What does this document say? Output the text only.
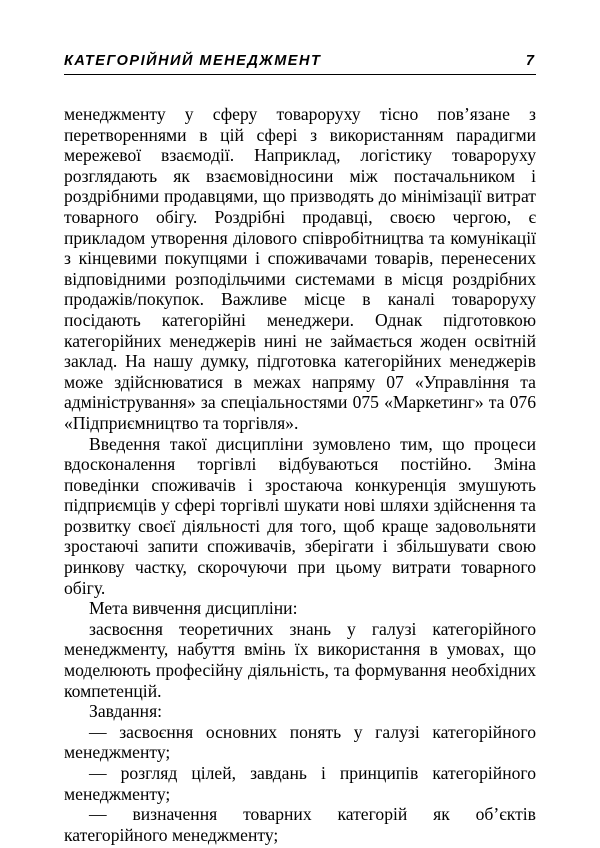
КАТЕГОРІЙНИЙ МЕНЕДЖМЕНТ	7

менеджменту у сферу товароруху тісно пов’язане з перетвореннями в цій сфері з використанням парадигми мережевої взаємодії. Наприклад, логістику товароруху розглядають як взаємовідносини між постачальником і роздрібними продавцями, що призводять до мінімізації витрат товарного обігу. Роздрібні продавці, своєю чергою, є прикладом утворення ділового співробітництва та комунікації з кінцевими покупцями і споживачами товарів, перенесених відповідними розподільчими системами в місця роздрібних продажів/покупок. Важливе місце в каналі товароруху посідають категорійні менеджери. Однак підготовкою категорійних менеджерів нині не займається жоден освітній заклад. На нашу думку, підготовка категорійних менеджерів може здійснюватися в межах напряму 07 «Управління та адміністрування» за спеціальностями 075 «Маркетинг» та 076 «Підприємництво та торгівля».

Введення такої дисципліни зумовлено тим, що процеси вдосконалення торгівлі відбуваються постійно. Зміна поведінки споживачів і зростаюча конкуренція змушують підприємців у сфері торгівлі шукати нові шляхи здійснення та розвитку своєї діяльності для того, щоб краще задовольняти зростаючі запити споживачів, зберігати і збільшувати свою ринкову частку, скорочуючи при цьому витрати товарного обігу.

Мета вивчення дисципліни:

засвоєння теоретичних знань у галузі категорійного менеджменту, набуття вмінь їх використання в умовах, що моделюють професійну діяльність, та формування необхідних компетенцій.

Завдання:

— засвоєння основних понять у галузі категорійного менеджменту;

— розгляд цілей, завдань і принципів категорійного менеджменту;

— визначення товарних категорій як об’єктів категорійного менеджменту;
